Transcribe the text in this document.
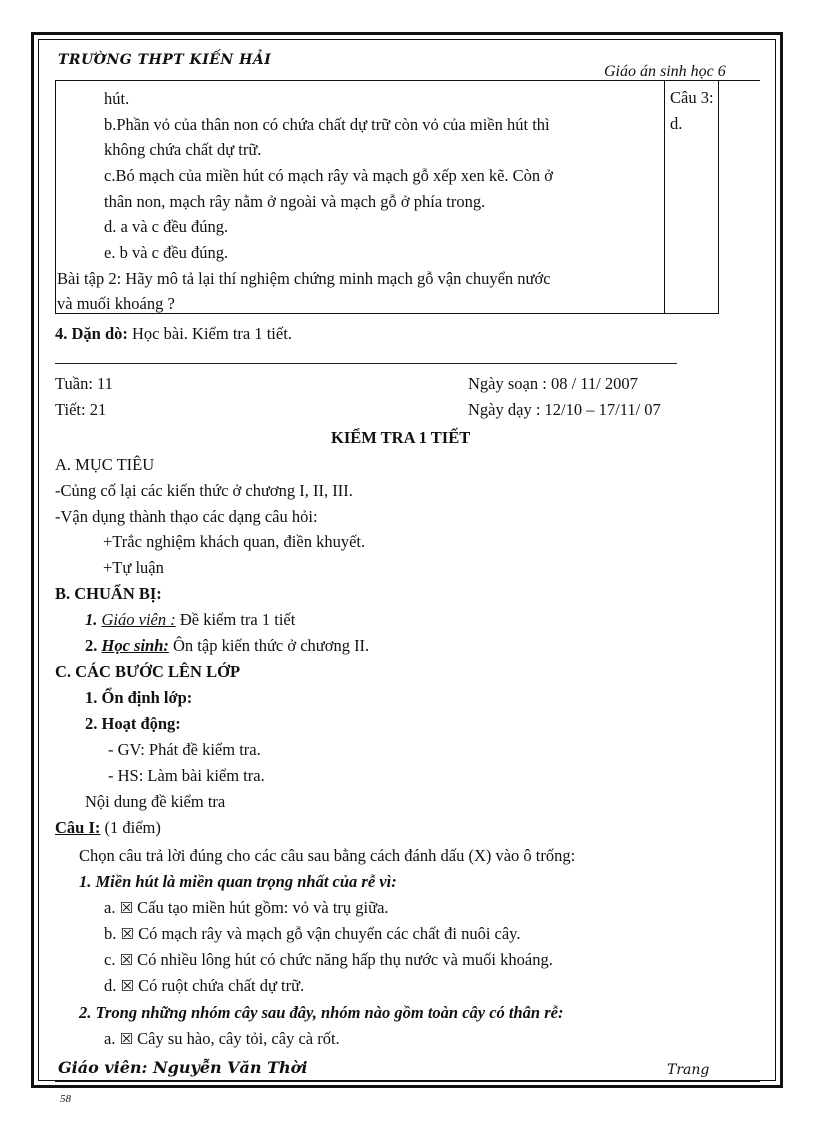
TRƯỜNG THPT KIẾN HẢI
Giáo án sinh học 6
Câu 3: d.
hút.
b.Phần vỏ của thân non có chứa chất dự trữ còn vỏ của miền hút thì
không chứa chất dự trữ.
c.Bó mạch của miền hút có mạch rây và mạch gỗ xếp xen kẽ. Còn ở
thân non, mạch rây nằm ở ngoài và mạch gỗ ở phía trong.
d. a và c đều đúng.
e. b và c đều đúng.
Bài tập 2: Hãy mô tả lại thí nghiệm chứng minh mạch gỗ vận chuyển nước
và muối khoáng ?
4. Dặn dò: Học bài. Kiểm tra 1 tiết.
Tuần: 11
Tiết: 21
Ngày soạn : 08 / 11/ 2007
Ngày dạy : 12/10 – 17/11/ 07
KIỂM TRA 1 TIẾT
A. MỤC TIÊU
-Củng cố lại các kiến thức ở chương I, II, III.
-Vận dụng thành thạo các dạng câu hỏi:
+Trắc nghiệm khách quan, điền khuyết.
+Tự luận
B. CHUẨN BỊ:
1. Giáo viên : Đề kiểm tra 1 tiết
2. Học sinh: Ôn tập kiến thức ở chương II.
C. CÁC BƯỚC LÊN LỚP
1. Ổn định lớp:
2. Hoạt động:
- GV: Phát đề kiểm tra.
- HS: Làm bài kiểm tra.
Nội dung đề kiểm tra
Câu I: (1 điểm)
Chọn câu trả lời đúng cho các câu sau bằng cách đánh dấu (X) vào ô trống:
1. Miền hút là miền quan trọng nhất của rễ vì:
a. ☒ Cấu tạo miền hút gồm: vỏ và trụ giữa.
b. ☒ Có mạch rây và mạch gỗ vận chuyển các chất đi nuôi cây.
c. ☒ Có nhiều lông hút có chức năng hấp thụ nước và muối khoáng.
d. ☒ Có ruột chứa chất dự trữ.
2. Trong những nhóm cây sau đây, nhóm nào gồm toàn cây có thân rễ:
a. ☒ Cây su hào, cây tỏi, cây cà rốt.
Giáo viên: Nguyễn Văn Thời	Trang
58
